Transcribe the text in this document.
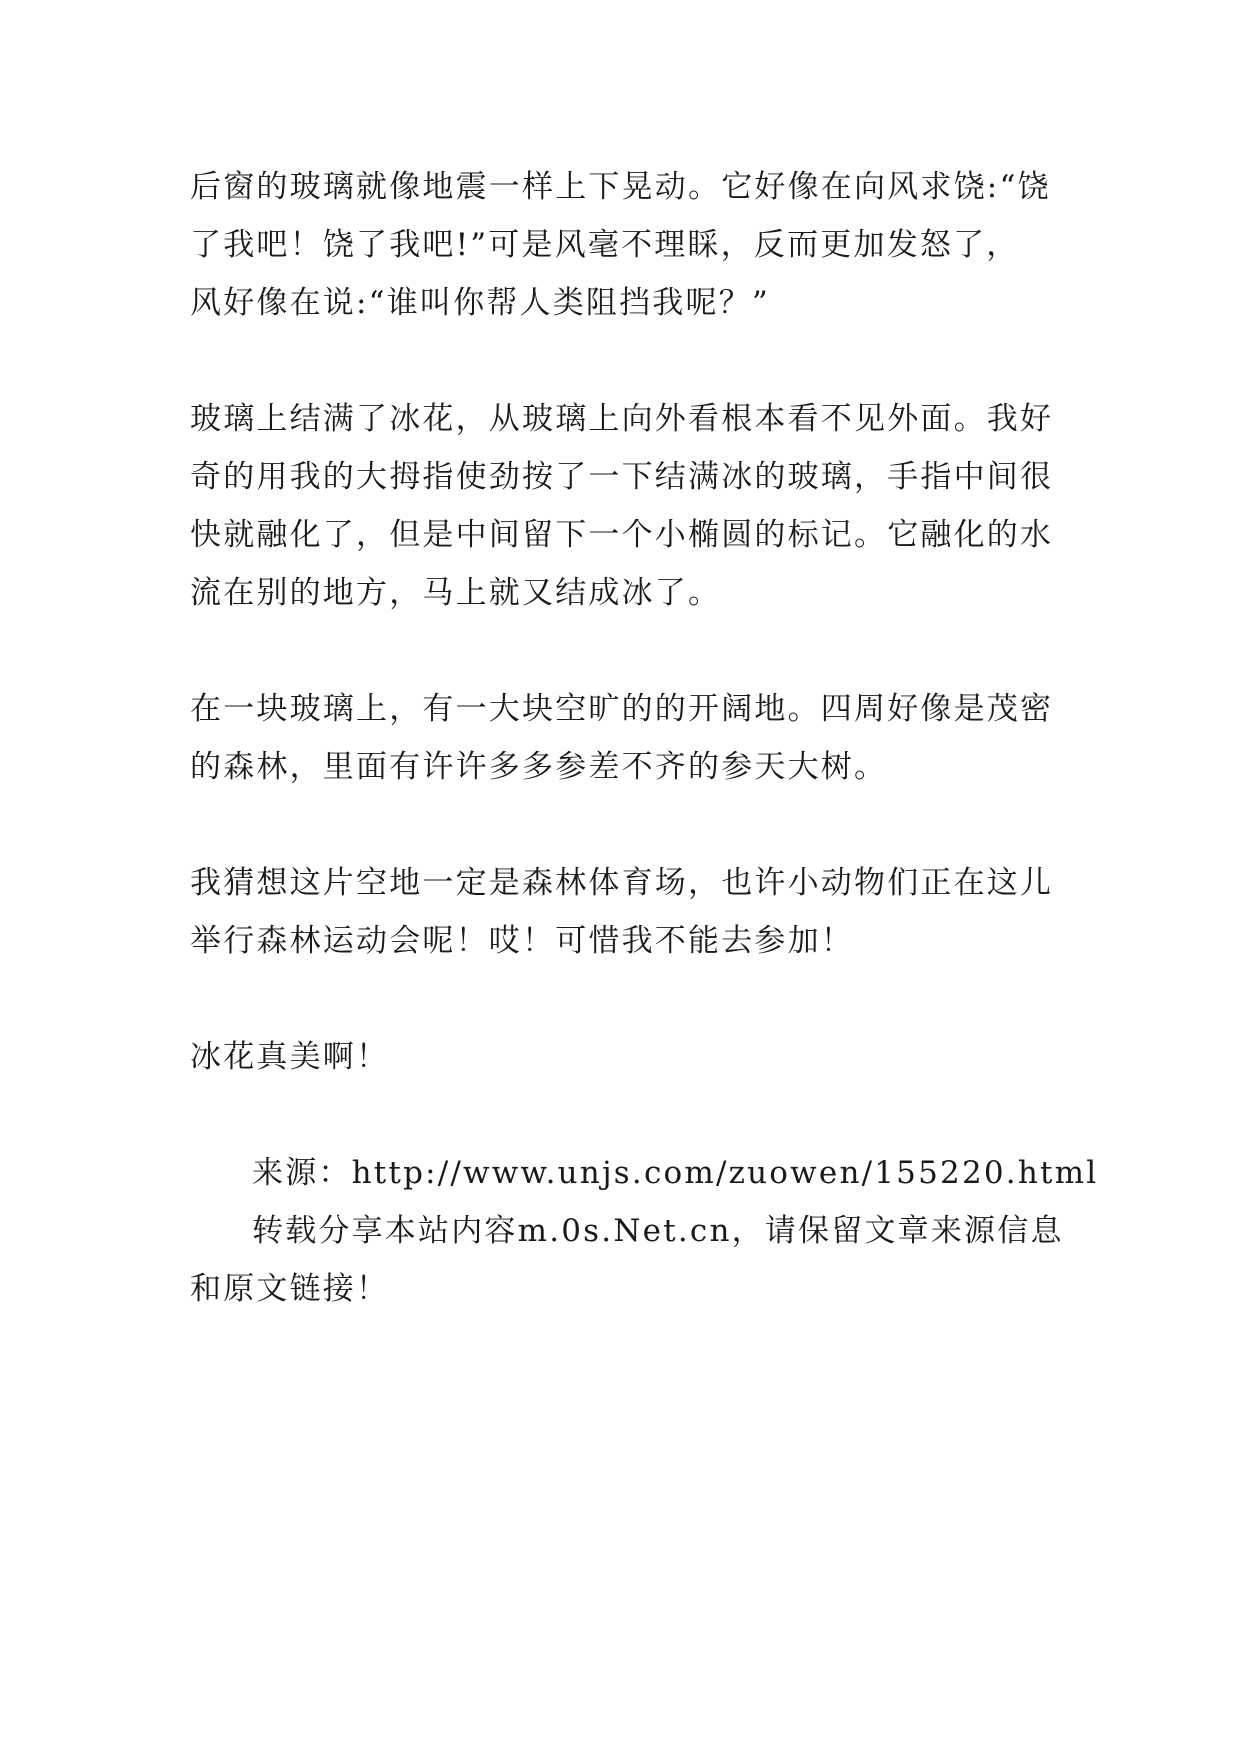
后窗的玻璃就像地震一样上下晃动。它好像在向风求饶:“饶
了我吧！饶了我吧!”可是风毫不理睬，反而更加发怒了，
风好像在说:“谁叫你帮人类阻挡我呢？”
玻璃上结满了冰花，从玻璃上向外看根本看不见外面。我好
奇的用我的大拇指使劲按了一下结满冰的玻璃，手指中间很
快就融化了，但是中间留下一个小椭圆的标记。它融化的水
流在别的地方，马上就又结成冰了。
在一块玻璃上，有一大块空旷的的开阔地。四周好像是茂密
的森林，里面有许许多多参差不齐的参天大树。
我猜想这片空地一定是森林体育场，也许小动物们正在这儿
举行森林运动会呢！哎！可惜我不能去参加！
冰花真美啊！
来源：http://www.unjs.com/zuowen/155220.html
转载分享本站内容m.0s.Net.cn，请保留文章来源信息
和原文链接！
